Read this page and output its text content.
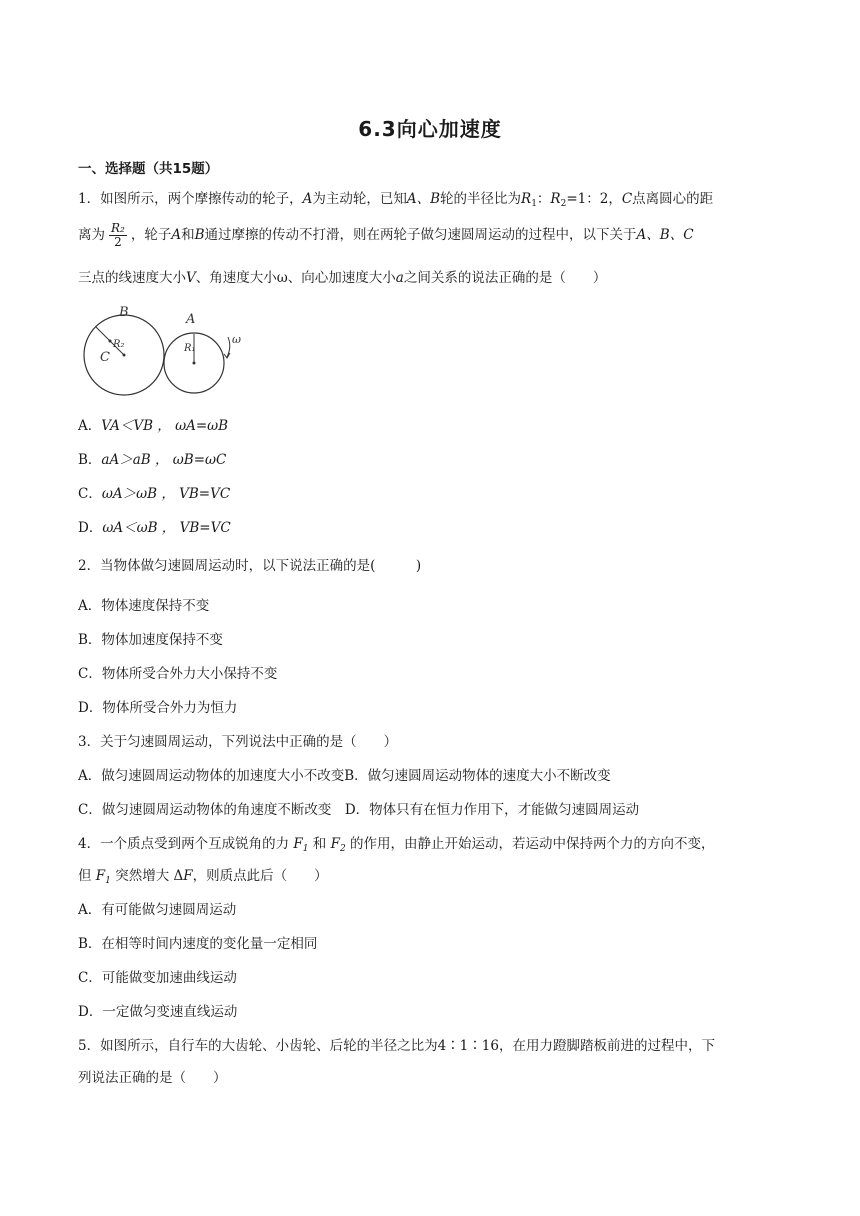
6.3向心加速度
一、选择题（共15题）
1．如图所示，两个摩擦传动的轮子，A为主动轮，已知A、B轮的半径比为$R_1$：$R_2=1$：2，C点离圆心的距
离为 $\frac{\text{R₂}}{2}$ ，轮子A和B通过摩擦的传动不打滑，则在两轮子做匀速圆周运动的过程中，以下关于A、B、C
三点的线速度大小V、角速度大小ω、向心加速度大小a之间关系的说法正确的是（　　）
B	A
C
R₂	R₁
ω
A．VA＜VB ， ωA=ωB
B．aA＞aB ， ωB=ωC
C．ωA＞ωB ， VB=VC
D．ωA＜ωB ， VB=VC
2．当物体做匀速圆周运动时，以下说法正确的是(　　　)
A．物体速度保持不变
B．物体加速度保持不变
C．物体所受合外力大小保持不变
D．物体所受合外力为恒力
3．关于匀速圆周运动，下列说法中正确的是（　　）
A．做匀速圆周运动物体的加速度大小不改变B．做匀速圆周运动物体的速度大小不断改变
C．做匀速圆周运动物体的角速度不断改变　D．物体只有在恒力作用下，才能做匀速圆周运动
4．一个质点受到两个互成锐角的力 $F_1$ 和 $F_2$ 的作用，由静止开始运动，若运动中保持两个力的方向不变，
但 $F_1$ 突然增大 ΔF，则质点此后（　　）
A．有可能做匀速圆周运动
B．在相等时间内速度的变化量一定相同
C．可能做变加速曲线运动
D．一定做匀变速直线运动
5．如图所示，自行车的大齿轮、小齿轮、后轮的半径之比为4∶1∶16，在用力蹬脚踏板前进的过程中，下
列说法正确的是（　　）
